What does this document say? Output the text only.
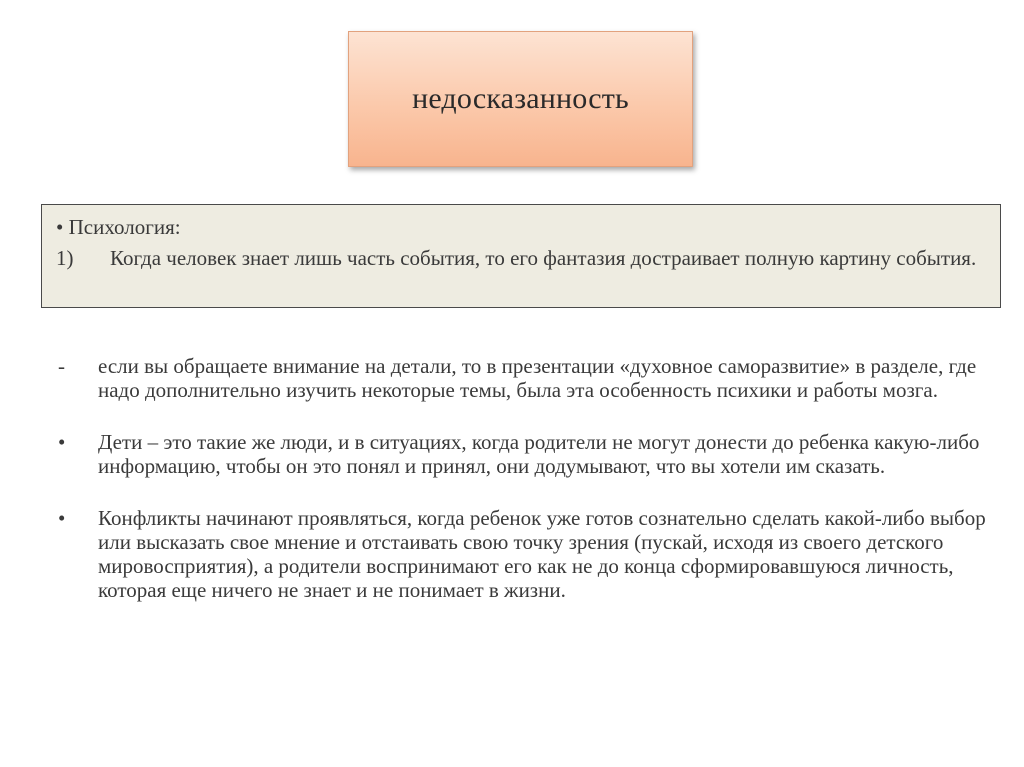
недосказанность
• Психология:
1)	Когда человек знает лишь часть события, то его фантазия достраивает полную картину события.
-	если вы обращаете внимание на детали, то в презентации «духовное саморазвитие» в разделе, где надо дополнительно изучить некоторые темы, была эта особенность психики и работы мозга.
•	Дети – это такие же люди, и в ситуациях, когда родители не могут донести до ребенка какую-либо информацию, чтобы он это понял и принял, они додумывают, что вы хотели им сказать.
•	Конфликты начинают проявляться, когда ребенок уже готов сознательно сделать какой-либо выбор или высказать свое мнение и отстаивать свою точку зрения (пускай, исходя из своего детского мировосприятия), а родители воспринимают его как не до конца сформировавшуюся личность, которая еще ничего не знает и не понимает в жизни.
